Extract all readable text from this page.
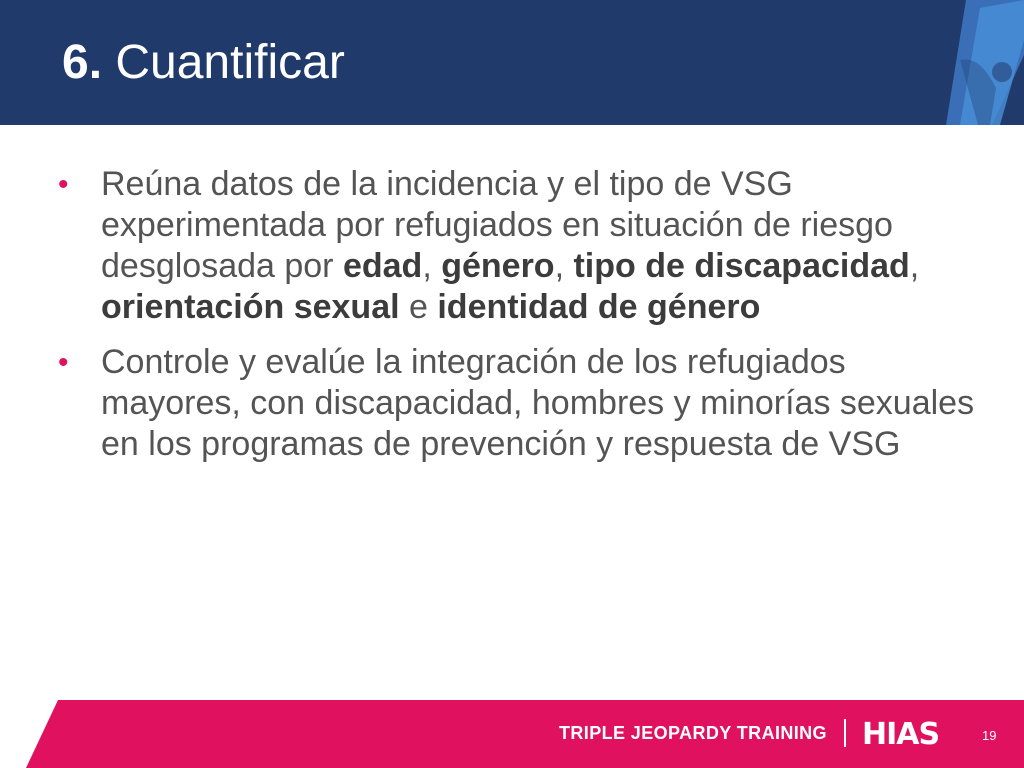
6. Cuantificar
• Reúna datos de la incidencia y el tipo de VSG experimentada por refugiados en situación de riesgo desglosada por edad, género, tipo de discapacidad, orientación sexual e identidad de género
• Controle y evalúe la integración de los refugiados mayores, con discapacidad, hombres y minorías sexuales en los programas de prevención y respuesta de VSG
TRIPLE JEOPARDY TRAINING HIAS	19
